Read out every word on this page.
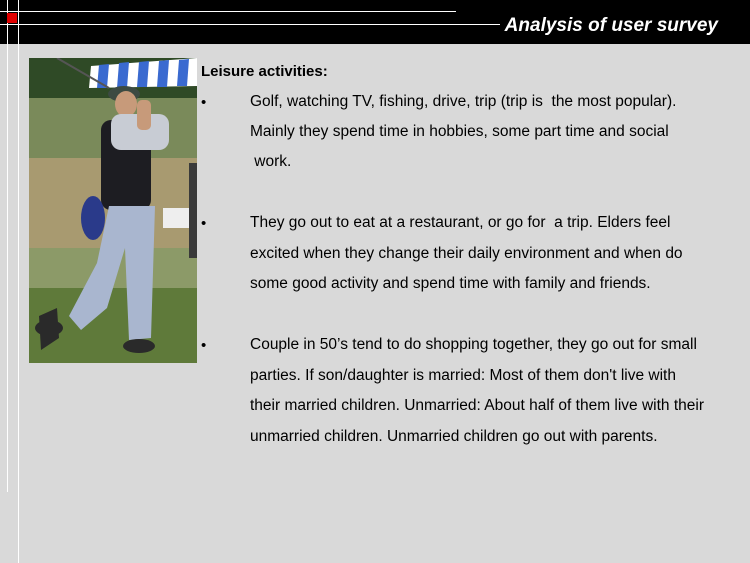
Analysis of user survey
Leisure activities:
•	Golf, watching TV, fishing, drive, trip (trip is  the most popular).
Mainly they spend time in hobbies, some part time and social
work.
•	They go out to eat at a restaurant, or go for  a trip. Elders feel
excited when they change their daily environment and when do
some good activity and spend time with family and friends.
•	Couple in 50’s tend to do shopping together, they go out for small
parties. If son/daughter is married: Most of them don't live with
their married children. Unmarried: About half of them live with their
unmarried children. Unmarried children go out with parents.
